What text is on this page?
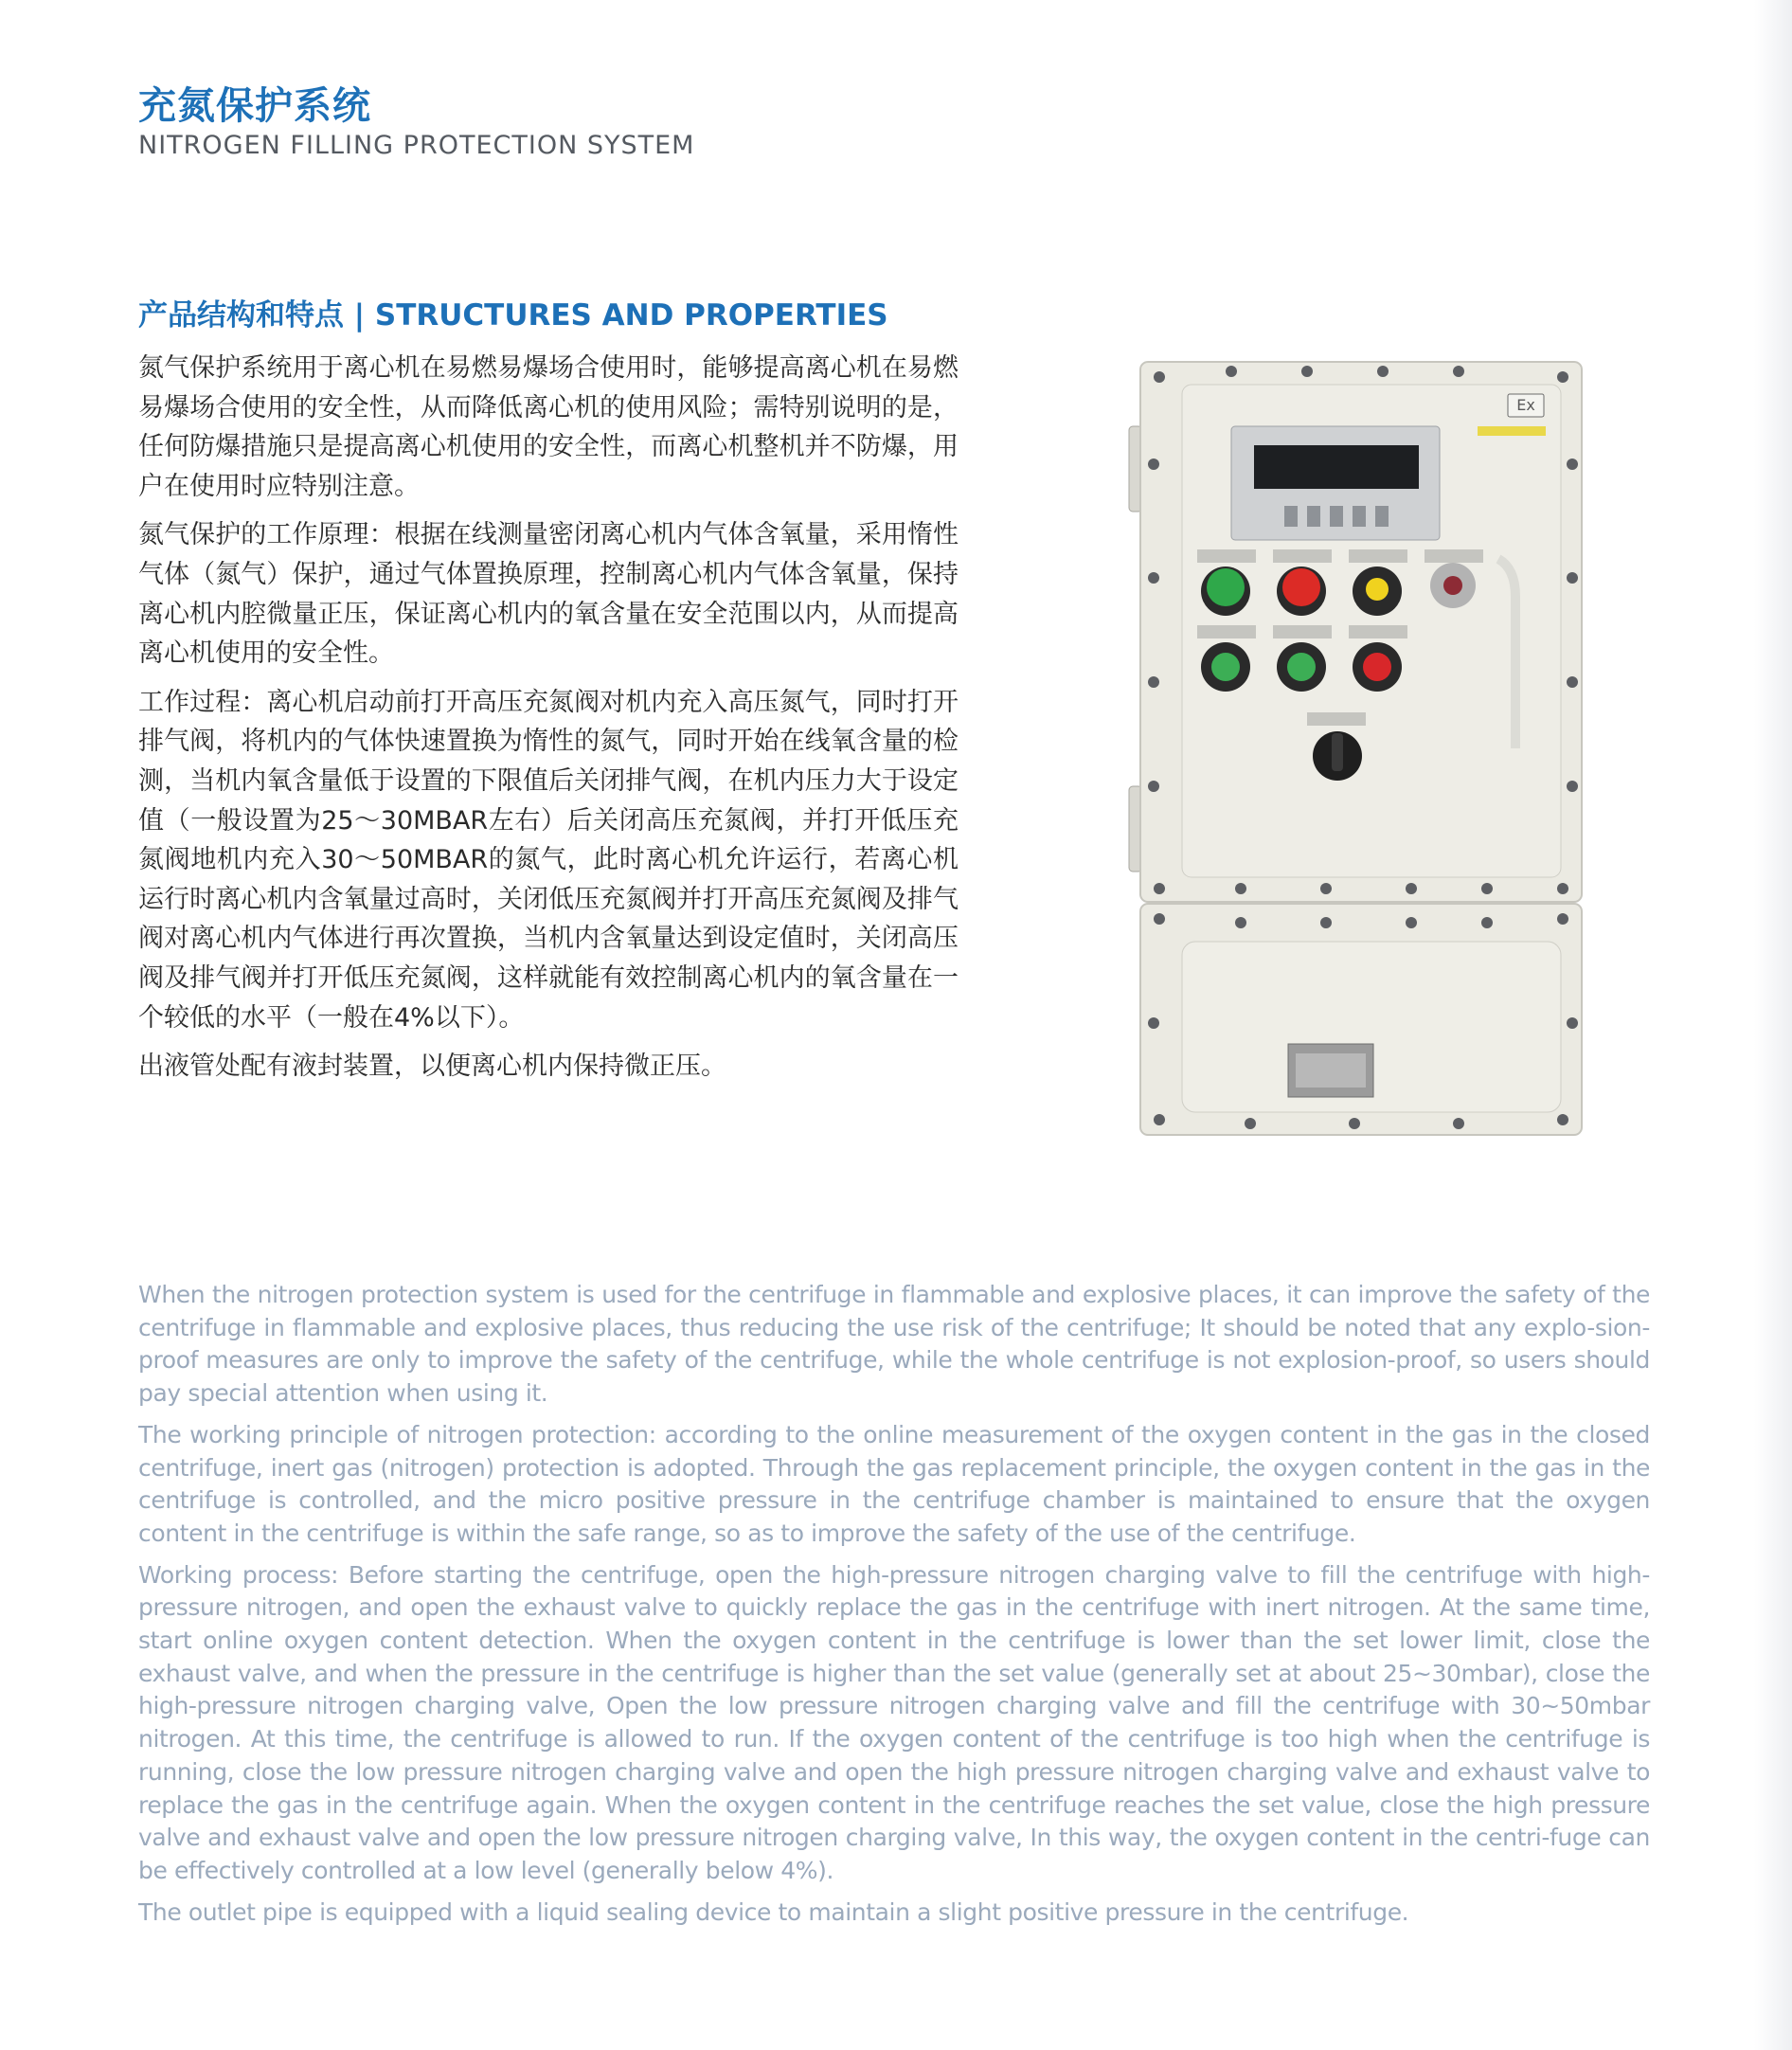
充氮保护系统
NITROGEN FILLING PROTECTION SYSTEM
产品结构和特点 | STRUCTURES AND PROPERTIES

氮气保护系统用于离心机在易燃易爆场合使用时，能够提高离心机在易燃易爆场合使用的安全性，从而降低离心机的使用风险；需特别说明的是，任何防爆措施只是提高离心机使用的安全性，而离心机整机并不防爆，用户在使用时应特别注意。

氮气保护的工作原理：根据在线测量密闭离心机内气体含氧量，采用惰性气体（氮气）保护，通过气体置换原理，控制离心机内气体含氧量，保持离心机内腔微量正压，保证离心机内的氧含量在安全范围以内，从而提高离心机使用的安全性。

工作过程：离心机启动前打开高压充氮阀对机内充入高压氮气，同时打开排气阀，将机内的气体快速置换为惰性的氮气，同时开始在线氧含量的检测，当机内氧含量低于设置的下限值后关闭排气阀，在机内压力大于设定值（一般设置为25～30MBAR左右）后关闭高压充氮阀，并打开低压充氮阀地机内充入30～50MBAR的氮气，此时离心机允许运行，若离心机运行时离心机内含氧量过高时，关闭低压充氮阀并打开高压充氮阀及排气阀对离心机内气体进行再次置换，当机内含氧量达到设定值时，关闭高压阀及排气阀并打开低压充氮阀，这样就能有效控制离心机内的氧含量在一个较低的水平（一般在4%以下）。

出液管处配有液封装置，以便离心机内保持微正压。

Ex

When the nitrogen protection system is used for the centrifuge in flammable and explosive places, it can improve the safety of the centrifuge in flammable and explosive places, thus reducing the use risk of the centrifuge; It should be noted that any explo-sion-proof measures are only to improve the safety of the centrifuge, while the whole centrifuge is not explosion-proof, so users should pay special attention when using it.

The working principle of nitrogen protection: according to the online measurement of the oxygen content in the gas in the closed centrifuge, inert gas (nitrogen) protection is adopted. Through the gas replacement principle, the oxygen content in the gas in the centrifuge is controlled, and the micro positive pressure in the centrifuge chamber is maintained to ensure that the oxygen content in the centrifuge is within the safe range, so as to improve the safety of the use of the centrifuge.

Working process: Before starting the centrifuge, open the high-pressure nitrogen charging valve to fill the centrifuge with high-pressure nitrogen, and open the exhaust valve to quickly replace the gas in the centrifuge with inert nitrogen. At the same time, start online oxygen content detection. When the oxygen content in the centrifuge is lower than the set lower limit, close the exhaust valve, and when the pressure in the centrifuge is higher than the set value (generally set at about 25~30mbar), close the high-pressure nitrogen charging valve, Open the low pressure nitrogen charging valve and fill the centrifuge with 30~50mbar nitrogen. At this time, the centrifuge is allowed to run. If the oxygen content of the centrifuge is too high when the centrifuge is running, close the low pressure nitrogen charging valve and open the high pressure nitrogen charging valve and exhaust valve to replace the gas in the centrifuge again. When the oxygen content in the centrifuge reaches the set value, close the high pressure valve and exhaust valve and open the low pressure nitrogen charging valve, In this way, the oxygen content in the centri-fuge can be effectively controlled at a low level (generally below 4%).

The outlet pipe is equipped with a liquid sealing device to maintain a slight positive pressure in the centrifuge.
